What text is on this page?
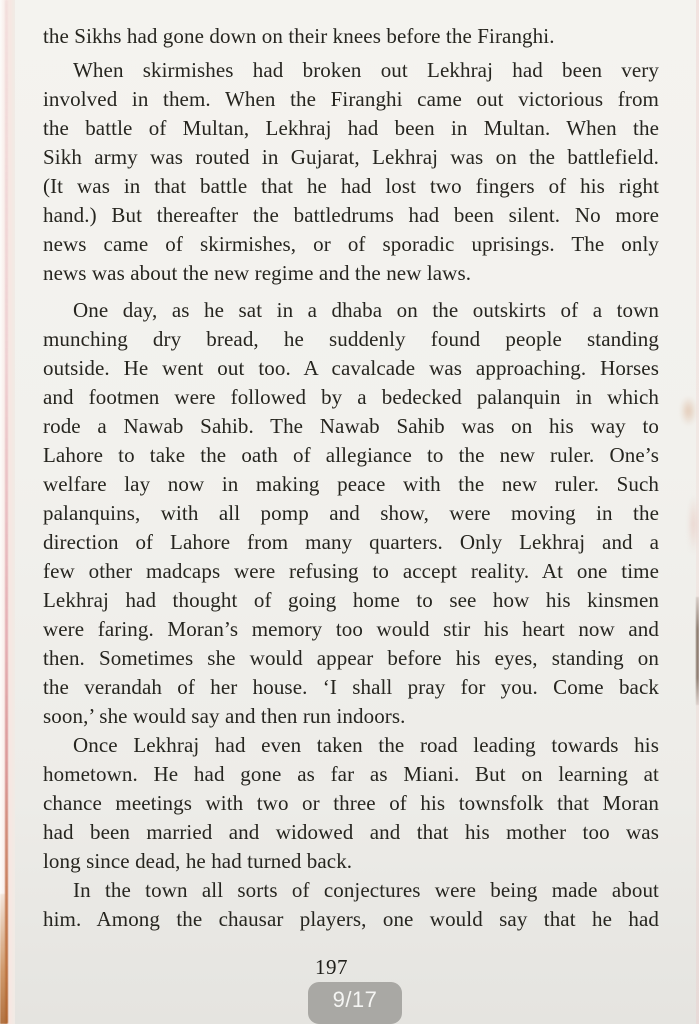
the Sikhs had gone down on their knees before the Firanghi.
When skirmishes had broken out Lekhraj had been very
involved in them. When the Firanghi came out victorious from
the battle of Multan, Lekhraj had been in Multan. When the
Sikh army was routed in Gujarat, Lekhraj was on the battlefield.
(It was in that battle that he had lost two fingers of his right
hand.) But thereafter the battledrums had been silent. No more
news came of skirmishes, or of sporadic uprisings. The only
news was about the new regime and the new laws.
One day, as he sat in a dhaba on the outskirts of a town
munching dry bread, he suddenly found people standing
outside. He went out too. A cavalcade was approaching. Horses
and footmen were followed by a bedecked palanquin in which
rode a Nawab Sahib. The Nawab Sahib was on his way to
Lahore to take the oath of allegiance to the new ruler. One’s
welfare lay now in making peace with the new ruler. Such
palanquins, with all pomp and show, were moving in the
direction of Lahore from many quarters. Only Lekhraj and a
few other madcaps were refusing to accept reality. At one time
Lekhraj had thought of going home to see how his kinsmen
were faring. Moran’s memory too would stir his heart now and
then. Sometimes she would appear before his eyes, standing on
the verandah of her house. ‘I shall pray for you. Come back
soon,’ she would say and then run indoors.
Once Lekhraj had even taken the road leading towards his
hometown. He had gone as far as Miani. But on learning at
chance meetings with two or three of his townsfolk that Moran
had been married and widowed and that his mother too was
long since dead, he had turned back.
In the town all sorts of conjectures were being made about
him. Among the chausar players, one would say that he had
197
9/17
